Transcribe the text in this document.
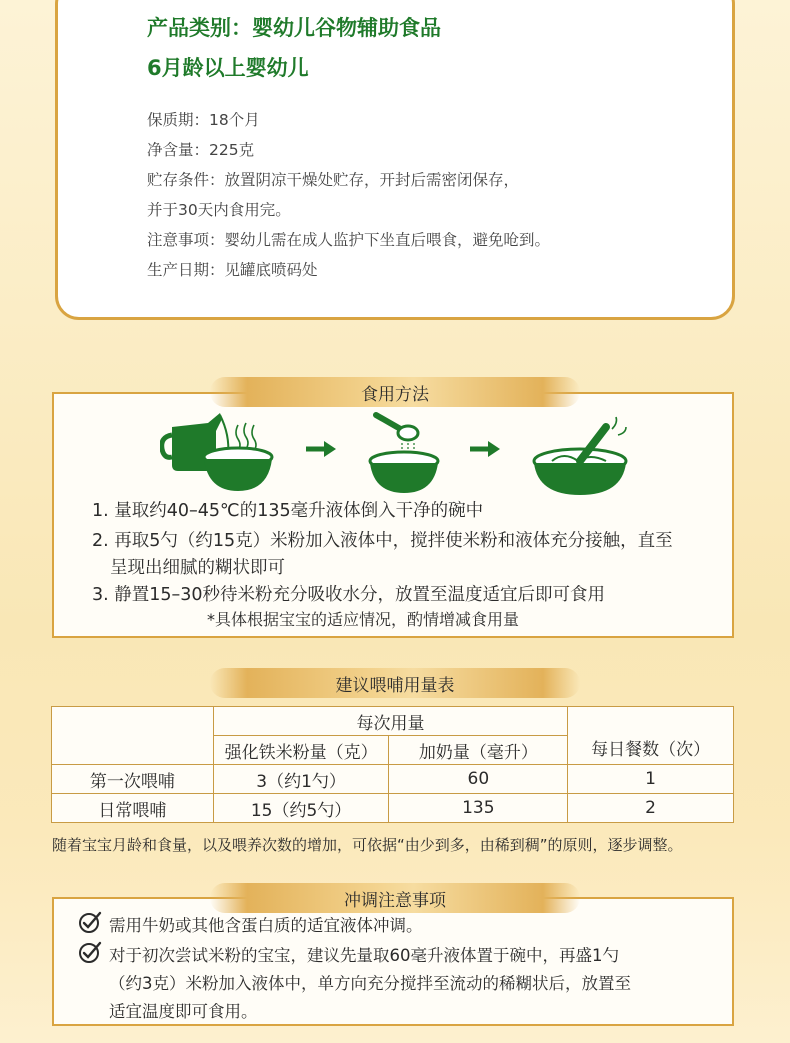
产品类别：婴幼儿谷物辅助食品
6月龄以上婴幼儿
保质期：18个月
净含量：225克
贮存条件：放置阴凉干燥处贮存，开封后需密闭保存，
并于30天内食用完。
注意事项：婴幼儿需在成人监护下坐直后喂食，避免呛到。
生产日期：见罐底喷码处
食用方法
1. 量取约40–45℃的135毫升液体倒入干净的碗中
2. 再取5勺（约15克）米粉加入液体中，搅拌使米粉和液体充分接触，直至
呈现出细腻的糊状即可
3. 静置15–30秒待米粉充分吸收水分，放置至温度适宜后即可食用
*具体根据宝宝的适应情况，酌情增减食用量
建议喂哺用量表
	每次用量		每日餐数（次）
	强化铁米粉量（克）	加奶量（毫升）	
第一次喂哺	3（约1勺）	60	1
日常喂哺	15（约5勺）	135	2
随着宝宝月龄和食量，以及喂养次数的增加，可依据“由少到多，由稀到稠”的原则，逐步调整。
冲调注意事项
需用牛奶或其他含蛋白质的适宜液体冲调。
对于初次尝试米粉的宝宝，建议先量取60毫升液体置于碗中，再盛1勺
（约3克）米粉加入液体中，单方向充分搅拌至流动的稀糊状后，放置至
适宜温度即可食用。
